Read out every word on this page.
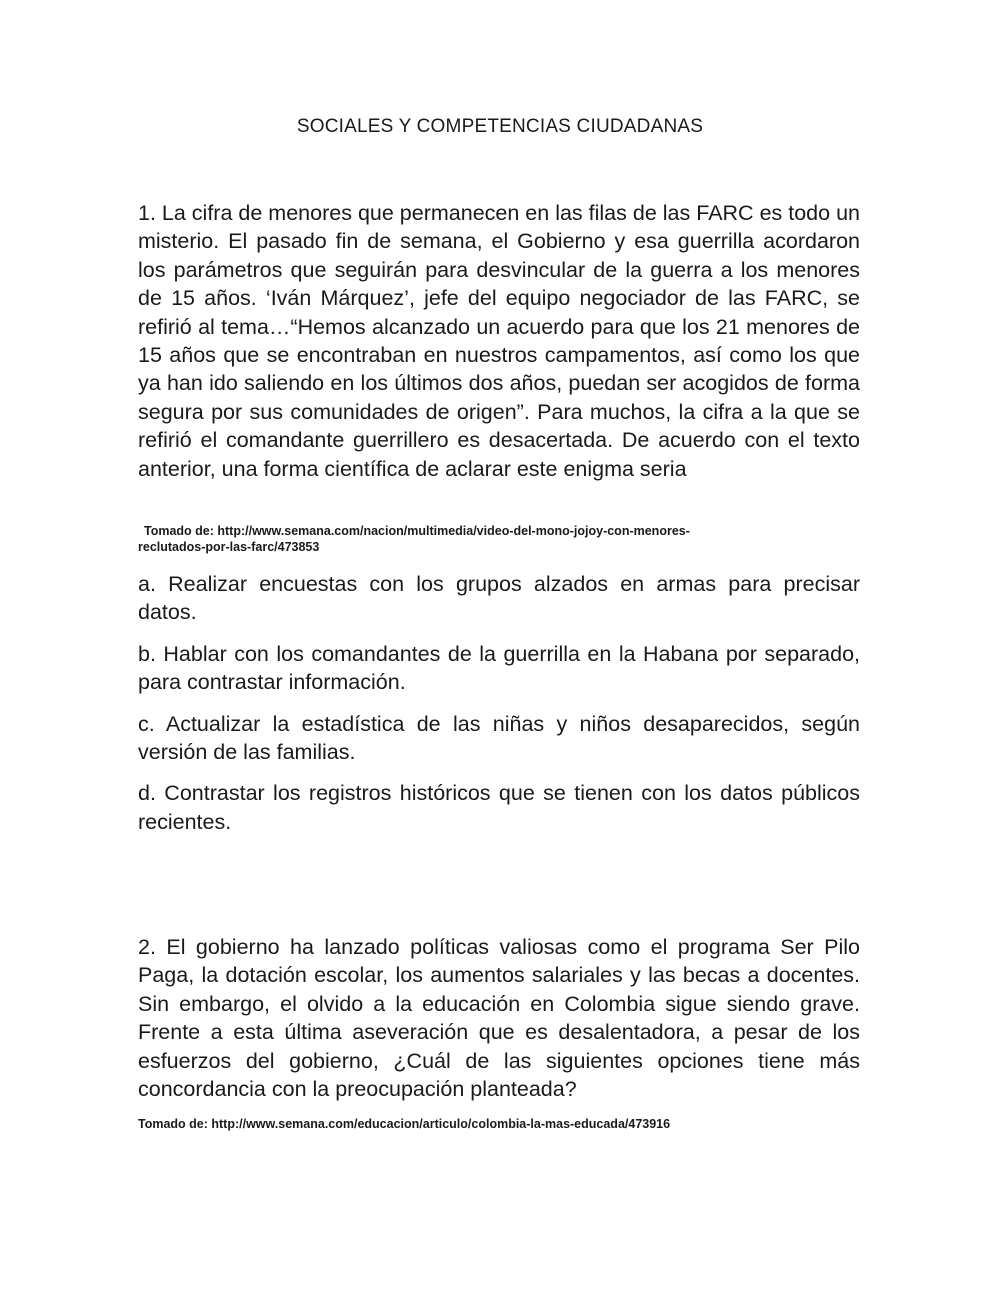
SOCIALES Y COMPETENCIAS CIUDADANAS

1. La cifra de menores que permanecen en las filas de las FARC es todo un misterio. El pasado fin de semana, el Gobierno y esa guerrilla acordaron los parámetros que seguirán para desvincular de la guerra a los menores de 15 años. ‘Iván Márquez’, jefe del equipo negociador de las FARC, se refirió al tema…“Hemos alcanzado un acuerdo para que los 21 menores de 15 años que se encontraban en nuestros campamentos, así como los que ya han ido saliendo en los últimos dos años, puedan ser acogidos de forma segura por sus comunidades de origen”. Para muchos, la cifra a la que se refirió el comandante guerrillero es desacertada. De acuerdo con el texto anterior, una forma científica de aclarar este enigma seria

Tomado de: http://www.semana.com/nacion/multimedia/video-del-mono-jojoy-con-menores-
reclutados-por-las-farc/473853

a. Realizar encuestas con los grupos alzados en armas para precisar datos.

b. Hablar con los comandantes de la guerrilla en la Habana por separado, para contrastar información.

c. Actualizar la estadística de las niñas y niños desaparecidos, según versión de las familias.

d. Contrastar los registros históricos que se tienen con los datos públicos recientes.

2. El gobierno ha lanzado políticas valiosas como el programa Ser Pilo Paga, la dotación escolar, los aumentos salariales y las becas a docentes. Sin embargo, el olvido a la educación en Colombia sigue siendo grave. Frente a esta última aseveración que es desalentadora, a pesar de los esfuerzos del gobierno, ¿Cuál de las siguientes opciones tiene más concordancia con la preocupación planteada?

Tomado de: http://www.semana.com/educacion/articulo/colombia-la-mas-educada/473916
